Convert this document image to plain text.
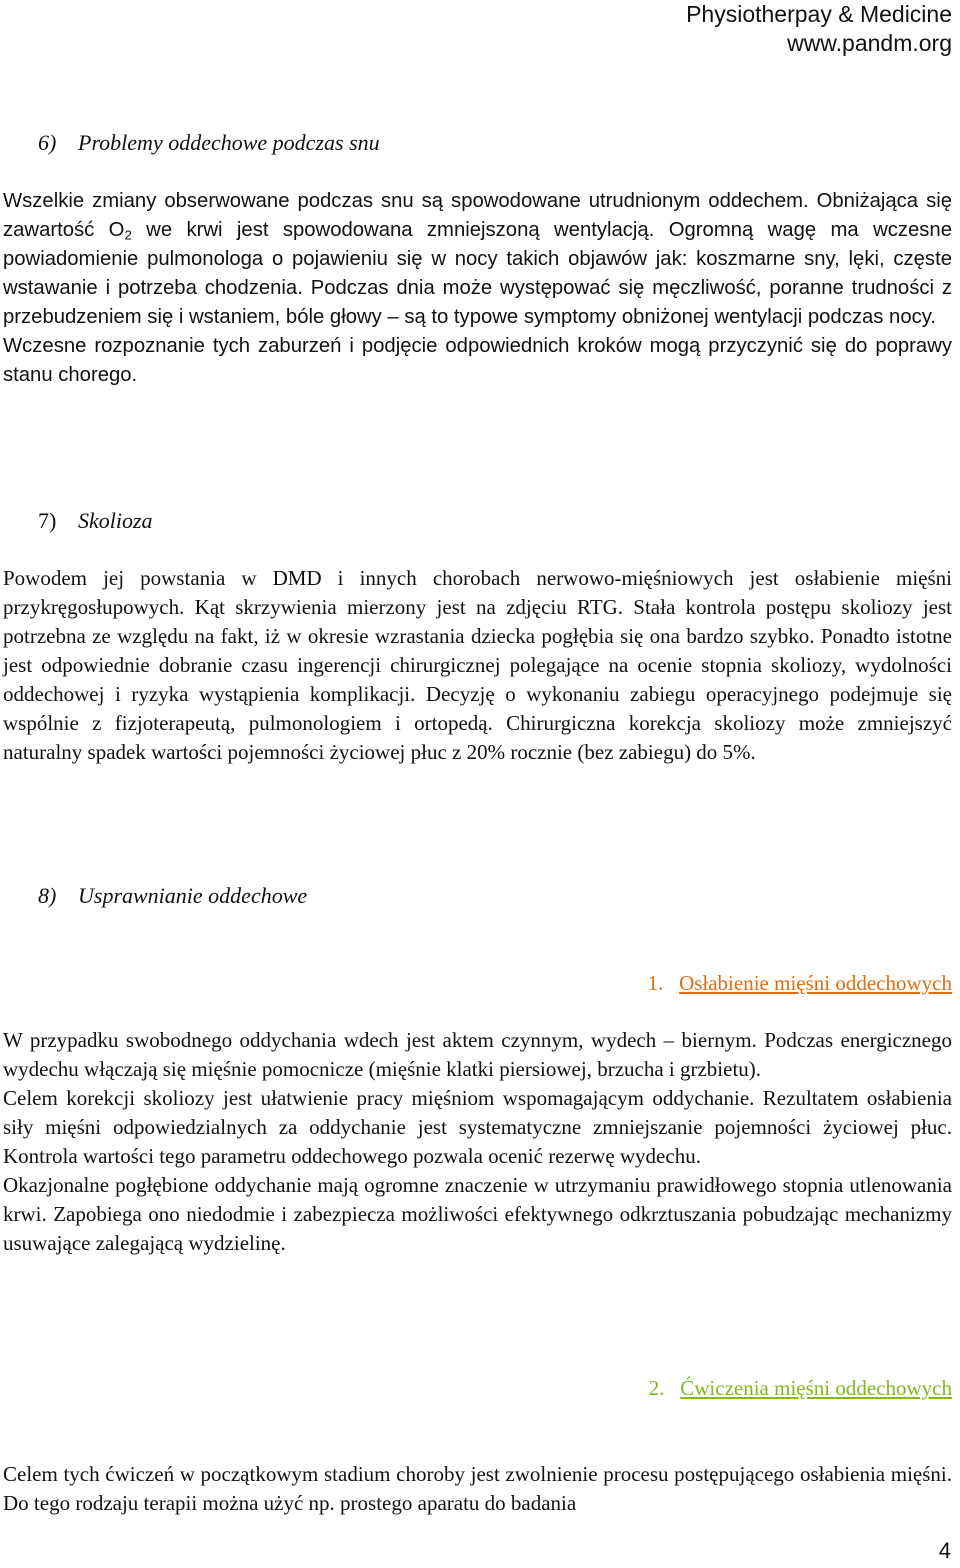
Physiotherpay & Medicine
www.pandm.org
6) Problemy oddechowe podczas snu

Wszelkie zmiany obserwowane podczas snu są spowodowane utrudnionym oddechem. Obniżająca się zawartość $O_2$ we krwi jest spowodowana zmniejszoną wentylacją. Ogromną wagę ma wczesne powiadomienie pulmonologa o pojawieniu się w nocy takich objawów jak: koszmarne sny, lęki, częste wstawanie i potrzeba chodzenia. Podczas dnia może występować się męczliwość, poranne trudności z przebudzeniem się i wstaniem, bóle głowy – są to typowe symptomy obniżonej wentylacji podczas nocy.

Wczesne rozpoznanie tych zaburzeń i podjęcie odpowiednich kroków mogą przyczynić się do poprawy stanu chorego.

7) Skolioza

Powodem jej powstania w DMD i innych chorobach nerwowo-mięśniowych jest osłabienie mięśni przykręgosłupowych. Kąt skrzywienia mierzony jest na zdjęciu RTG. Stała kontrola postępu skoliozy jest potrzebna ze względu na fakt, iż w okresie wzrastania dziecka pogłębia się ona bardzo szybko. Ponadto istotne jest odpowiednie dobranie czasu ingerencji chirurgicznej polegające na ocenie stopnia skoliozy, wydolności oddechowej i ryzyka wystąpienia komplikacji. Decyzję o wykonaniu zabiegu operacyjnego podejmuje się wspólnie z fizjoterapeutą, pulmonologiem i ortopedą. Chirurgiczna korekcja skoliozy może zmniejszyć naturalny spadek wartości pojemności życiowej płuc z 20% rocznie (bez zabiegu) do 5%.

8) Usprawnianie oddechowe
1. Osłabienie mięśni oddechowych

W przypadku swobodnego oddychania wdech jest aktem czynnym, wydech – biernym. Podczas energicznego wydechu włączają się mięśnie pomocnicze (mięśnie klatki piersiowej, brzucha i grzbietu).

Celem korekcji skoliozy jest ułatwienie pracy mięśniom wspomagającym oddychanie. Rezultatem osłabienia siły mięśni odpowiedzialnych za oddychanie jest systematyczne zmniejszanie pojemności życiowej płuc. Kontrola wartości tego parametru oddechowego pozwala ocenić rezerwę wydechu.

Okazjonalne pogłębione oddychanie mają ogromne znaczenie w utrzymaniu prawidłowego stopnia utlenowania krwi. Zapobiega ono niedodmie i zabezpiecza możliwości efektywnego odkrztuszania pobudzając mechanizmy usuwające zalegającą wydzielinę.

2. Ćwiczenia mięśni oddechowych

Celem tych ćwiczeń w początkowym stadium choroby jest zwolnienie procesu postępującego osłabienia mięśni. Do tego rodzaju terapii można użyć np. prostego aparatu do badania

4
